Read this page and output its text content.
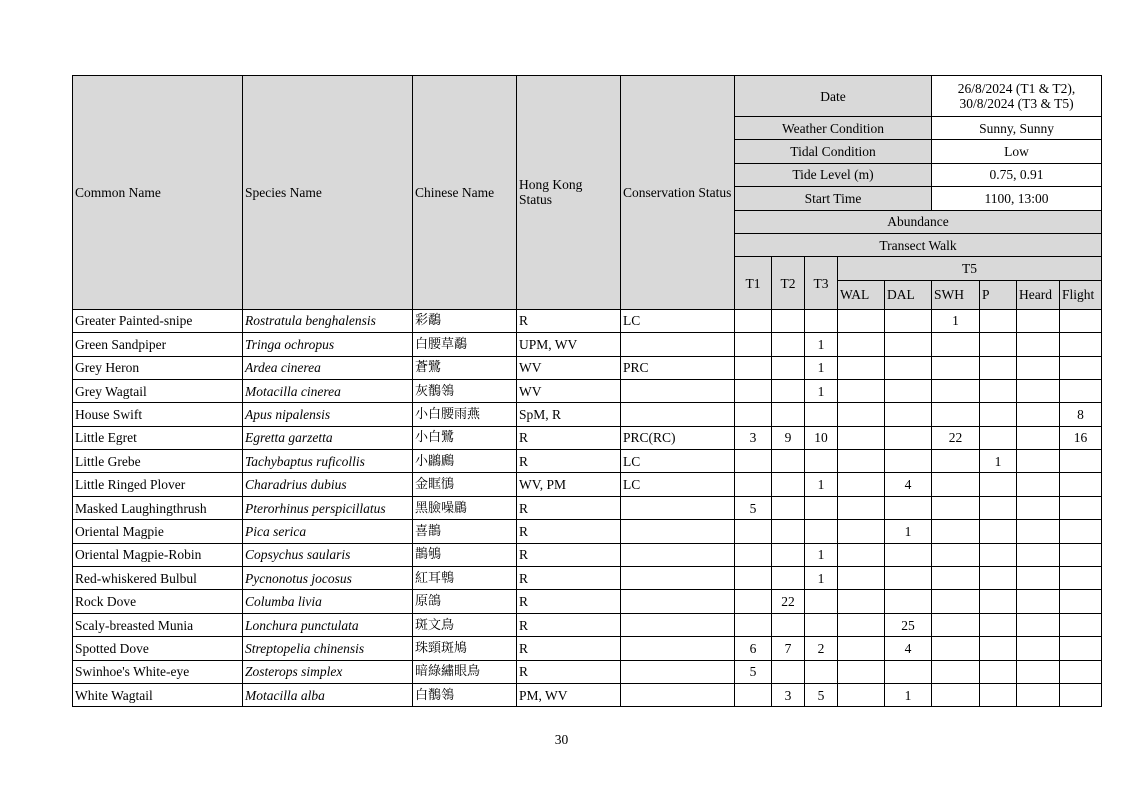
Common Name	Species Name	Chinese Name	Hong Kong Status	Conservation Status	Date					26/8/2024 (T1 & T2), 30/8/2024 (T3 & T5)			
					Weather Condition					Sunny, Sunny			
					Tidal Condition					Low			
					Tide Level (m)					0.75, 0.91			
					Start Time					1100, 13:00			
					Abundance								
					Transect Walk								
					T1	T2	T3	T5					
								WAL	DAL	SWH	P	Heard	Flight
Greater Painted-snipe	Rostratula benghalensis	彩鷸	R	LC						1			
Green Sandpiper	Tringa ochropus	白腰草鷸	UPM, WV				1						
Grey Heron	Ardea cinerea	蒼鷺	WV	PRC			1						
Grey Wagtail	Motacilla cinerea	灰鶺鴒	WV				1						
House Swift	Apus nipalensis	小白腰雨燕	SpM, R										8
Little Egret	Egretta garzetta	小白鷺	R	PRC(RC)	3	9	10			22			16
Little Grebe	Tachybaptus ruficollis	小鸊鷉	R	LC							1		
Little Ringed Plover	Charadrius dubius	金眶鴴	WV, PM	LC			1		4				
Masked Laughingthrush	Pterorhinus perspicillatus	黑臉噪鶥	R		5								
Oriental Magpie	Pica serica	喜鵲	R						1				
Oriental Magpie-Robin	Copsychus saularis	鵲鴝	R				1						
Red-whiskered Bulbul	Pycnonotus jocosus	紅耳鵯	R				1						
Rock Dove	Columba livia	原鴿	R			22							
Scaly-breasted Munia	Lonchura punctulata	斑文鳥	R						25				
Spotted Dove	Streptopelia chinensis	珠頸斑鳩	R		6	7	2		4				
Swinhoe's White-eye	Zosterops simplex	暗綠繡眼鳥	R		5								
White Wagtail	Motacilla alba	白鶺鴒	PM, WV			3	5		1				
30
